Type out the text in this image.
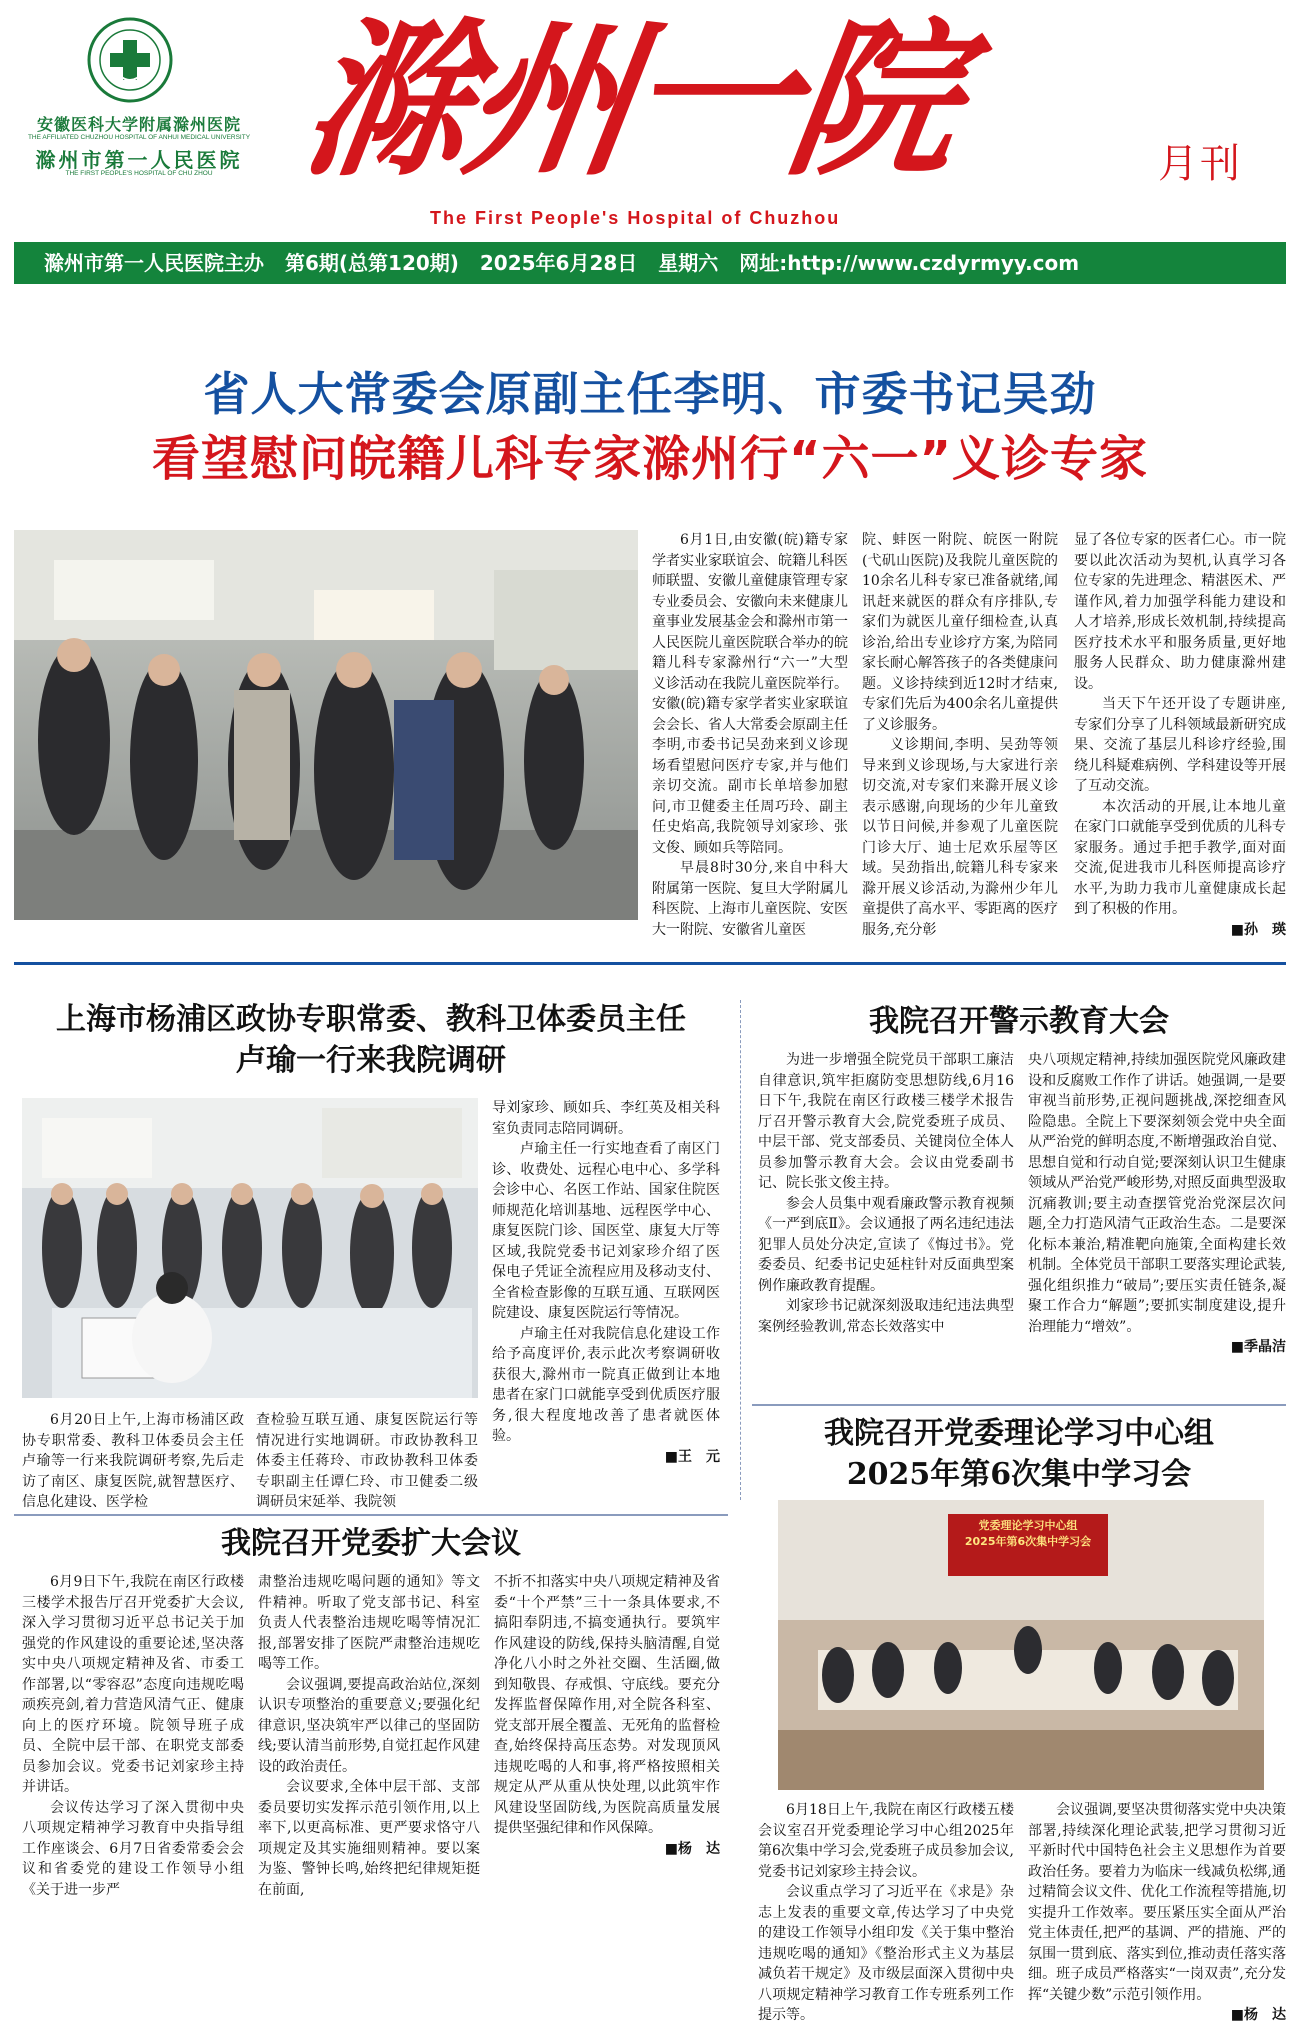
安徽医科大学附属滁州医院
THE AFFILIATED CHUZHOU HOSPITAL OF ANHUI MEDICAL UNIVERSITY
滁州市第一人民医院
THE FIRST PEOPLE'S HOSPITAL OF CHU ZHOU 滁州一院	月刊
The First People's Hospital of Chuzhou
滁州市第一人民医院主办 第6期(总第120期) 2025年6月28日 星期六 网址:http://www.czdyrmyy.com
省人大常委会原副主任李明、市委书记吴劲
看望慰问皖籍儿科专家滁州行“六一”义诊专家

6月1日,由安徽(皖)籍专家学者实业家联谊会、皖籍儿科医师联盟、安徽儿童健康管理专家专业委员会、安徽向未来健康儿童事业发展基金会和滁州市第一人民医院儿童医院联合举办的皖籍儿科专家滁州行“六一”大型义诊活动在我院儿童医院举行。安徽(皖)籍专家学者实业家联谊会会长、省人大常委会原副主任李明,市委书记吴劲来到义诊现场看望慰问医疗专家,并与他们亲切交流。副市长单培参加慰问,市卫健委主任周巧玲、副主任史焰高,我院领导刘家珍、张文俊、顾如兵等陪同。

早晨8时30分,来自中科大附属第一医院、复旦大学附属儿科医院、上海市儿童医院、安医大一附院、安徽省儿童医

院、蚌医一附院、皖医一附院(弋矶山医院)及我院儿童医院的10余名儿科专家已准备就绪,闻讯赶来就医的群众有序排队,专家们为就医儿童仔细检查,认真诊治,给出专业诊疗方案,为陪同家长耐心解答孩子的各类健康问题。义诊持续到近12时才结束,专家们先后为400余名儿童提供了义诊服务。

义诊期间,李明、吴劲等领导来到义诊现场,与大家进行亲切交流,对专家们来滁开展义诊表示感谢,向现场的少年儿童致以节日问候,并参观了儿童医院门诊大厅、迪士尼欢乐屋等区域。吴劲指出,皖籍儿科专家来滁开展义诊活动,为滁州少年儿童提供了高水平、零距离的医疗服务,充分彰

显了各位专家的医者仁心。市一院要以此次活动为契机,认真学习各位专家的先进理念、精湛医术、严谨作风,着力加强学科能力建设和人才培养,形成长效机制,持续提高医疗技术水平和服务质量,更好地服务人民群众、助力健康滁州建设。

当天下午还开设了专题讲座,专家们分享了儿科领域最新研究成果、交流了基层儿科诊疗经验,围绕儿科疑难病例、学科建设等开展了互动交流。

本次活动的开展,让本地儿童在家门口就能享受到优质的儿科专家服务。通过手把手教学,面对面交流,促进我市儿科医师提高诊疗水平,为助力我市儿童健康成长起到了积极的作用。

■孙　瑛
上海市杨浦区政协专职常委、教科卫体委员主任
卢瑜一行来我院调研

导刘家珍、顾如兵、李红英及相关科室负责同志陪同调研。

卢瑜主任一行实地查看了南区门诊、收费处、远程心电中心、多学科会诊中心、名医工作站、国家住院医师规范化培训基地、远程医学中心、康复医院门诊、国医堂、康复大厅等区域,我院党委书记刘家珍介绍了医保电子凭证全流程应用及移动支付、全省检查影像的互联互通、互联网医院建设、康复医院运行等情况。

卢瑜主任对我院信息化建设工作给予高度评价,表示此次考察调研收获很大,滁州市一院真正做到让本地患者在家门口就能享受到优质医疗服务,很大程度地改善了患者就医体验。

■王　元

6月20日上午,上海市杨浦区政协专职常委、教科卫体委员会主任卢瑜等一行来我院调研考察,先后走访了南区、康复医院,就智慧医疗、信息化建设、医学检

查检验互联互通、康复医院运行等情况进行实地调研。市政协教科卫体委主任蒋玲、市政协教科卫体委专职副主任谭仁玲、市卫健委二级调研员宋延举、我院领

我院召开警示教育大会

为进一步增强全院党员干部职工廉洁自律意识,筑牢拒腐防变思想防线,6月16日下午,我院在南区行政楼三楼学术报告厅召开警示教育大会,院党委班子成员、中层干部、党支部委员、关键岗位全体人员参加警示教育大会。会议由党委副书记、院长张文俊主持。

参会人员集中观看廉政警示教育视频《一严到底Ⅱ》。会议通报了两名违纪违法犯罪人员处分决定,宣读了《悔过书》。党委委员、纪委书记史延柱针对反面典型案例作廉政教育提醒。

刘家珍书记就深刻汲取违纪违法典型案例经验教训,常态长效落实中

央八项规定精神,持续加强医院党风廉政建设和反腐败工作作了讲话。她强调,一是要审视当前形势,正视问题挑战,深挖细查风险隐患。全院上下要深刻领会党中央全面从严治党的鲜明态度,不断增强政治自觉、思想自觉和行动自觉;要深刻认识卫生健康领域从严治党严峻形势,对照反面典型汲取沉痛教训;要主动查摆管党治党深层次问题,全力打造风清气正政治生态。二是要深化标本兼治,精准靶向施策,全面构建长效机制。全体党员干部职工要落实理论武装,强化组织推力“破局”;要压实责任链条,凝聚工作合力“解题”;要抓实制度建设,提升治理能力“增效”。

■季晶洁
我院召开党委理论学习中心组
2025年第6次集中学习会
党委理论学习中心组
2025年第6次集中学习会

6月18日上午,我院在南区行政楼五楼会议室召开党委理论学习中心组2025年第6次集中学习会,党委班子成员参加会议,党委书记刘家珍主持会议。

会议重点学习了习近平在《求是》杂志上发表的重要文章,传达学习了中央党的建设工作领导小组印发《关于集中整治违规吃喝的通知》《整治形式主义为基层减负若干规定》及市级层面深入贯彻中央八项规定精神学习教育工作专班系列工作提示等。

会议强调,要坚决贯彻落实党中央决策部署,持续深化理论武装,把学习贯彻习近平新时代中国特色社会主义思想作为首要政治任务。要着力为临床一线减负松绑,通过精简会议文件、优化工作流程等措施,切实提升工作效率。要压紧压实全面从严治党主体责任,把严的基调、严的措施、严的氛围一贯到底、落实到位,推动责任落实落细。班子成员严格落实“一岗双责”,充分发挥“关键少数”示范引领作用。

■杨　达
我院召开党委扩大会议

6月9日下午,我院在南区行政楼三楼学术报告厅召开党委扩大会议,深入学习贯彻习近平总书记关于加强党的作风建设的重要论述,坚决落实中央八项规定精神及省、市委工作部署,以“零容忍”态度向违规吃喝顽疾亮剑,着力营造风清气正、健康向上的医疗环境。院领导班子成员、全院中层干部、在职党支部委员参加会议。党委书记刘家珍主持并讲话。

会议传达学习了深入贯彻中央八项规定精神学习教育中央指导组工作座谈会、6月7日省委常委会会议和省委党的建设工作领导小组《关于进一步严

肃整治违规吃喝问题的通知》等文件精神。听取了党支部书记、科室负责人代表整治违规吃喝等情况汇报,部署安排了医院严肃整治违规吃喝等工作。

会议强调,要提高政治站位,深刻认识专项整治的重要意义;要强化纪律意识,坚决筑牢严以律己的坚固防线;要认清当前形势,自觉扛起作风建设的政治责任。

会议要求,全体中层干部、支部委员要切实发挥示范引领作用,以上率下,以更高标准、更严要求恪守八项规定及其实施细则精神。要以案为鉴、警钟长鸣,始终把纪律规矩挺在前面,

不折不扣落实中央八项规定精神及省委“十个严禁”三十一条具体要求,不搞阳奉阴违,不搞变通执行。要筑牢作风建设的防线,保持头脑清醒,自觉净化八小时之外社交圈、生活圈,做到知敬畏、存戒惧、守底线。要充分发挥监督保障作用,对全院各科室、党支部开展全覆盖、无死角的监督检查,始终保持高压态势。对发现顶风违规吃喝的人和事,将严格按照相关规定从严从重从快处理,以此筑牢作风建设坚固防线,为医院高质量发展提供坚强纪律和作风保障。

■杨　达
